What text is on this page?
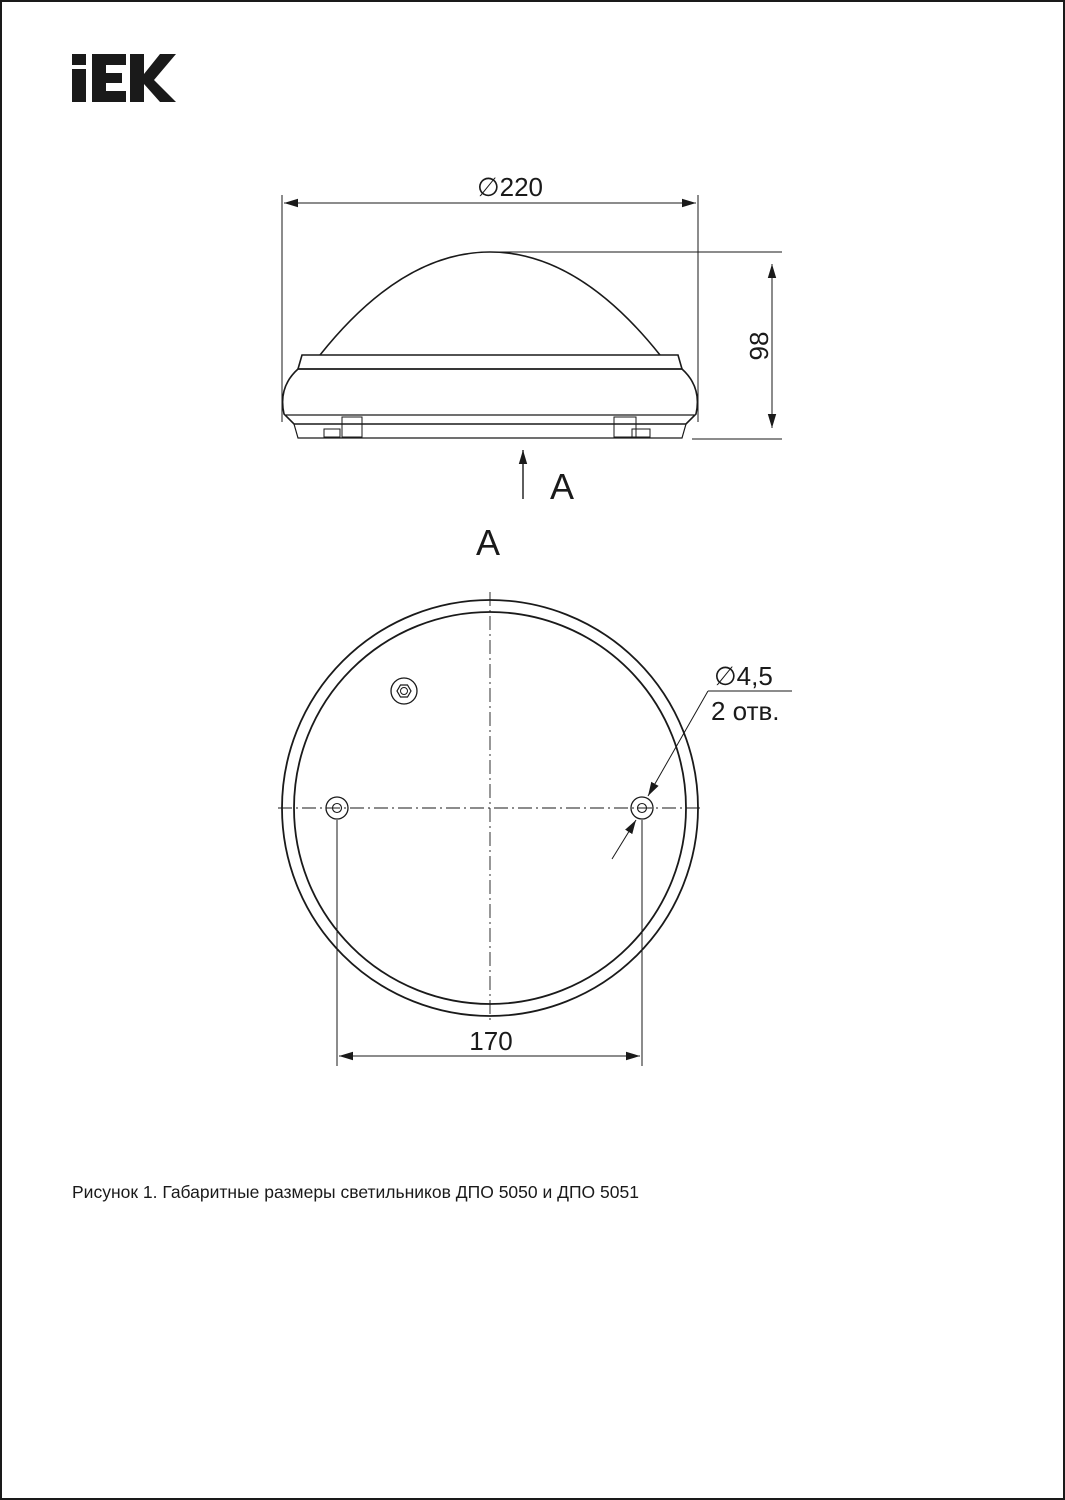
∅220
98
A
A
∅4,5
2 отв.
170
Рисунок 1. Габаритные размеры светильников ДПО 5050 и ДПО 5051
